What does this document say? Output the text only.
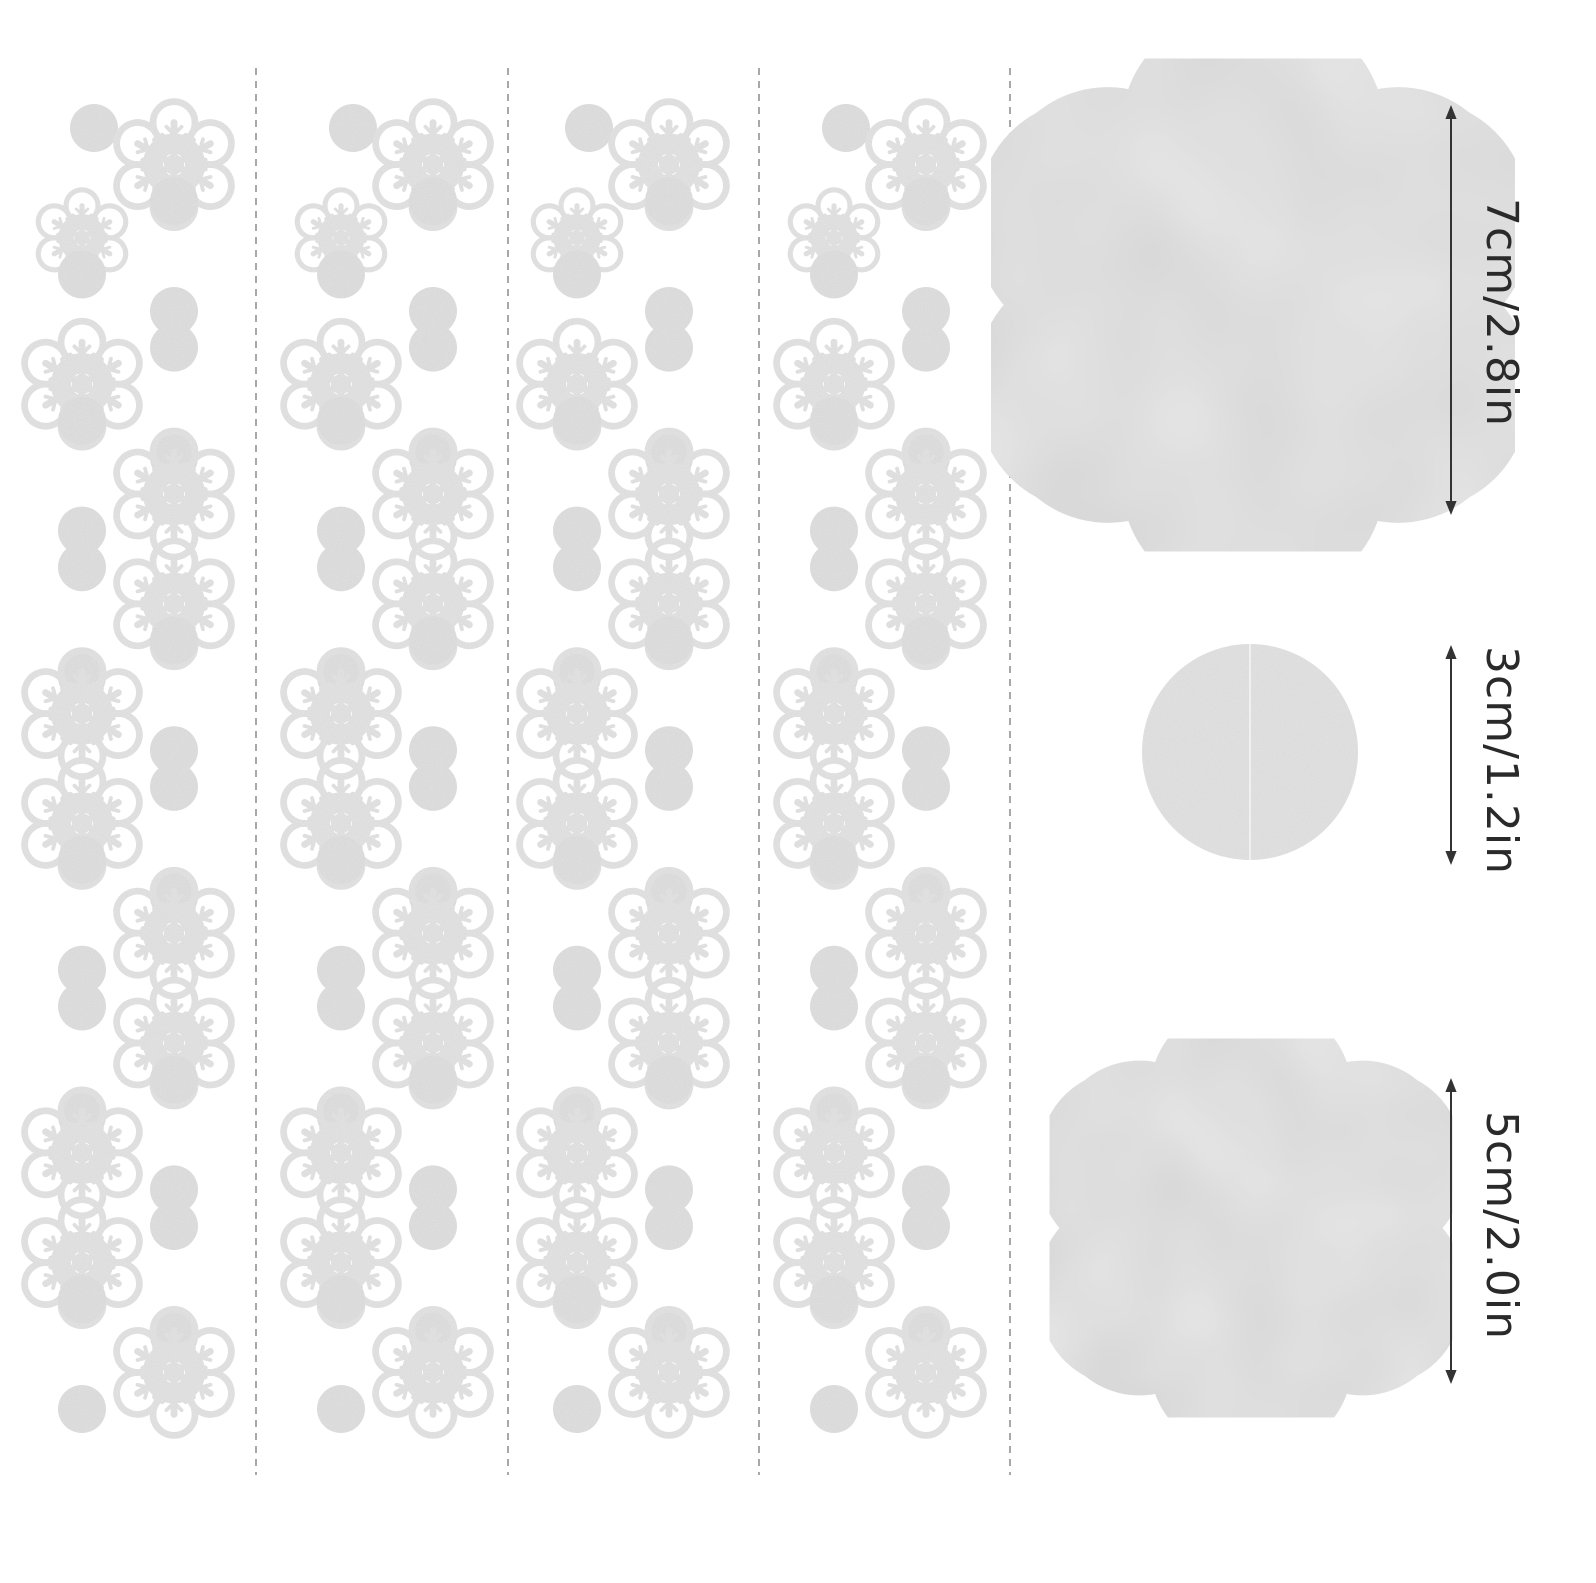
7cm/2.8in
3cm/1.2in
5cm/2.0in
